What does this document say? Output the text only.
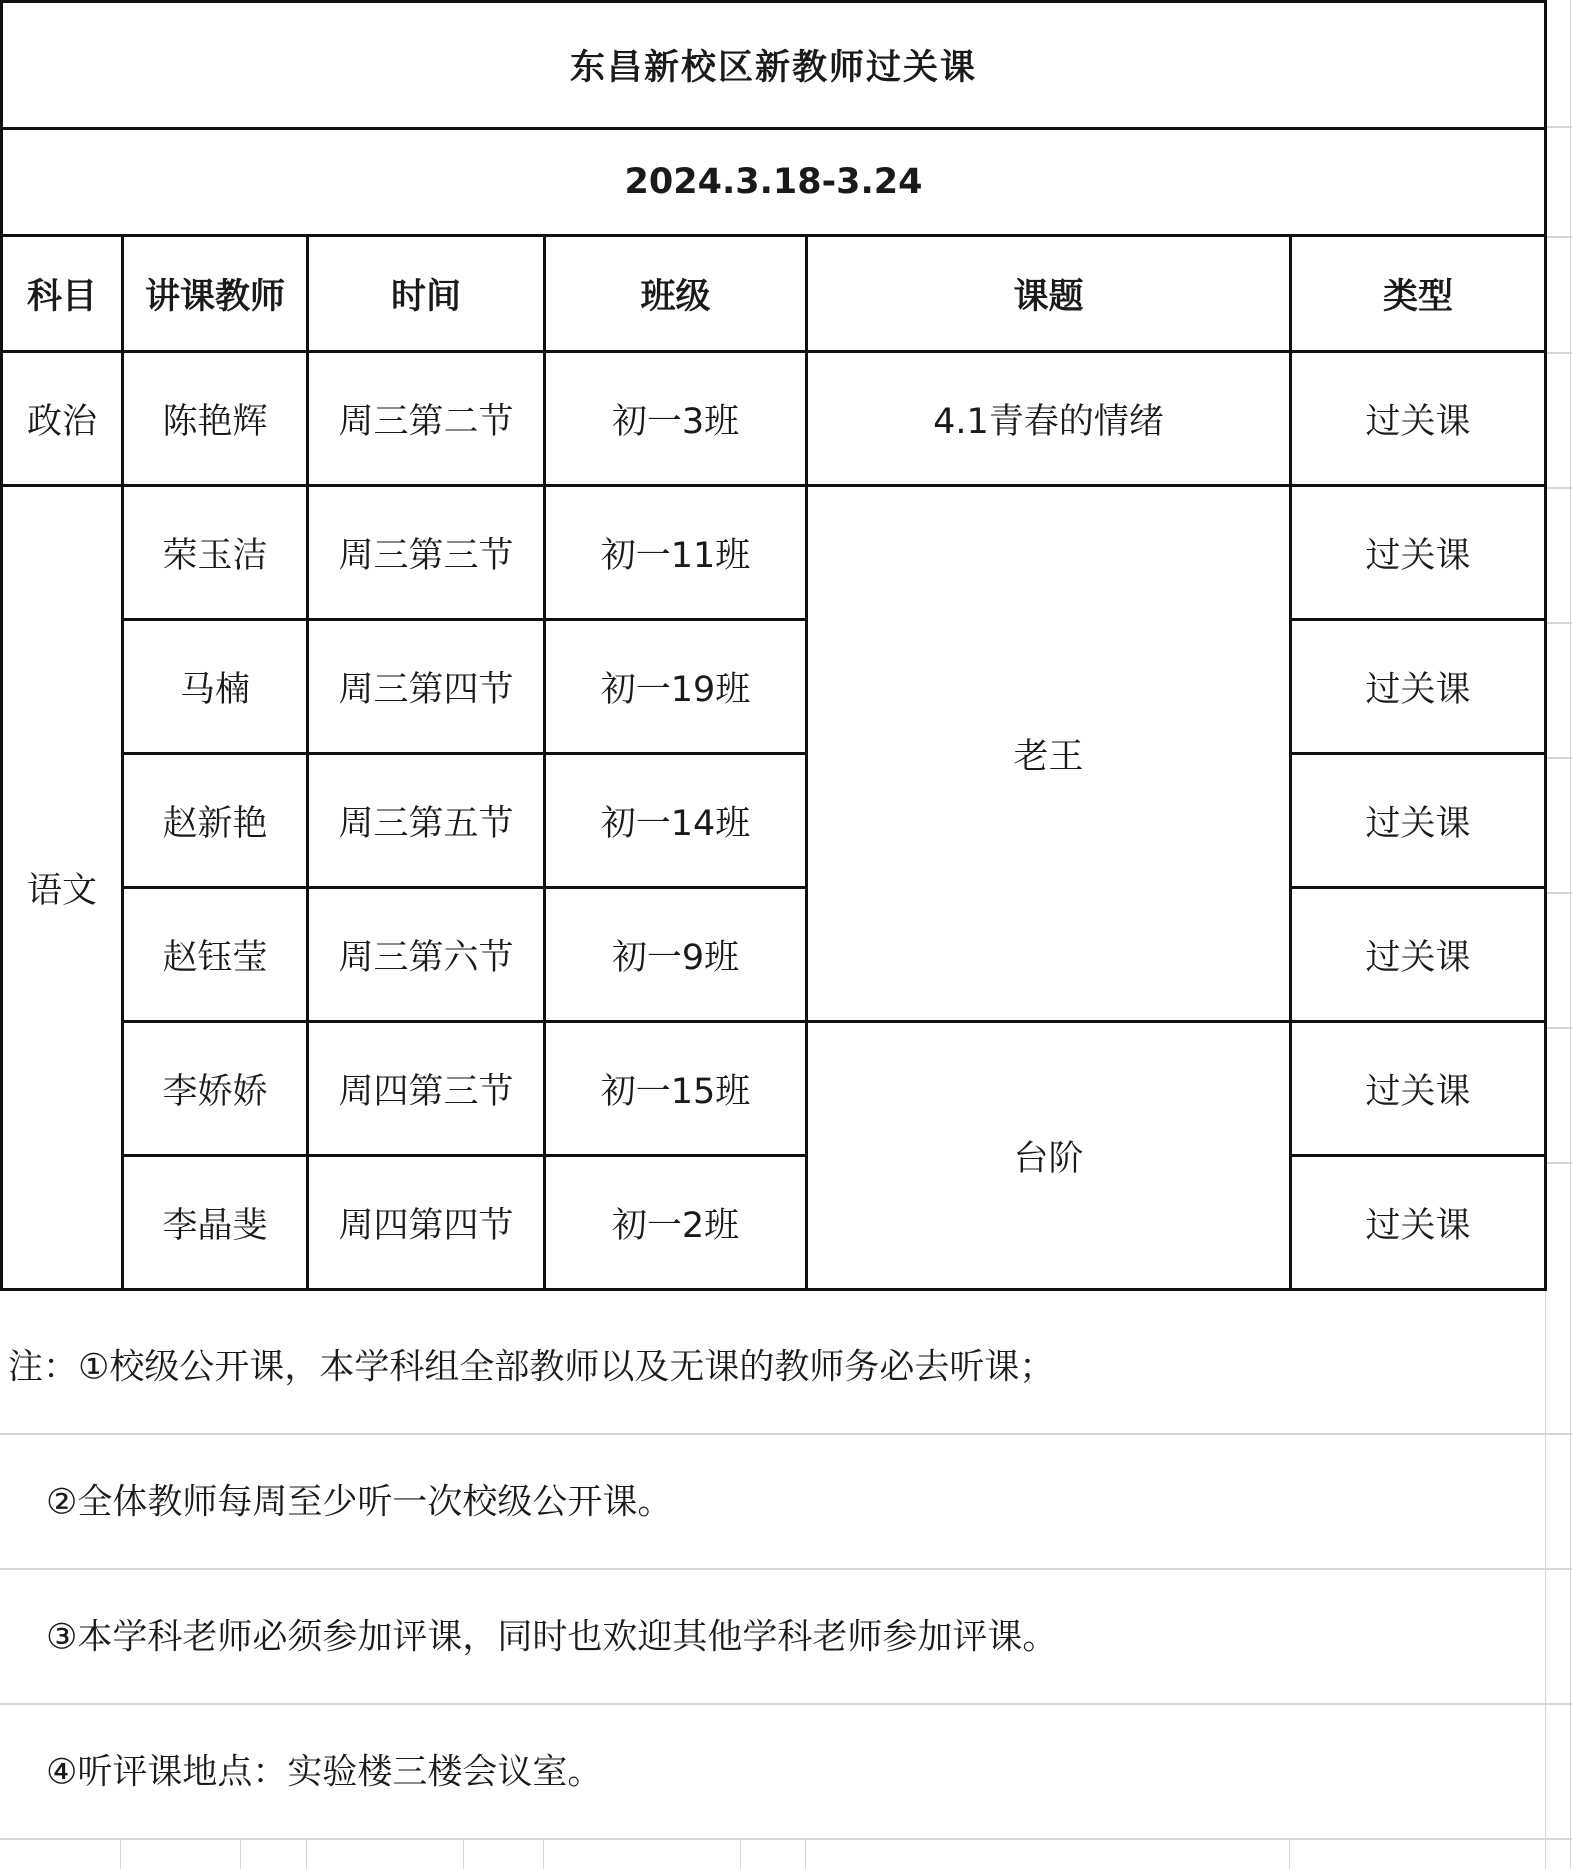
东昌新校区新教师过关课					
2024.3.18-3.24					
科目	讲课教师	时间	班级	课题	类型
政治	陈艳辉	周三第二节	初一3班	4.1青春的情绪	过关课
语文	荣玉洁	周三第三节	初一11班	老王	过关课
	马楠	周三第四节	初一19班		过关课
	赵新艳	周三第五节	初一14班		过关课
	赵钰莹	周三第六节	初一9班		过关课
	李娇娇	周四第三节	初一15班	台阶	过关课
	李晶斐	周四第四节	初一2班		过关课
注：①校级公开课，本学科组全部教师以及无课的教师务必去听课；
②全体教师每周至少听一次校级公开课。
③本学科老师必须参加评课，同时也欢迎其他学科老师参加评课。
④听评课地点：实验楼三楼会议室。
